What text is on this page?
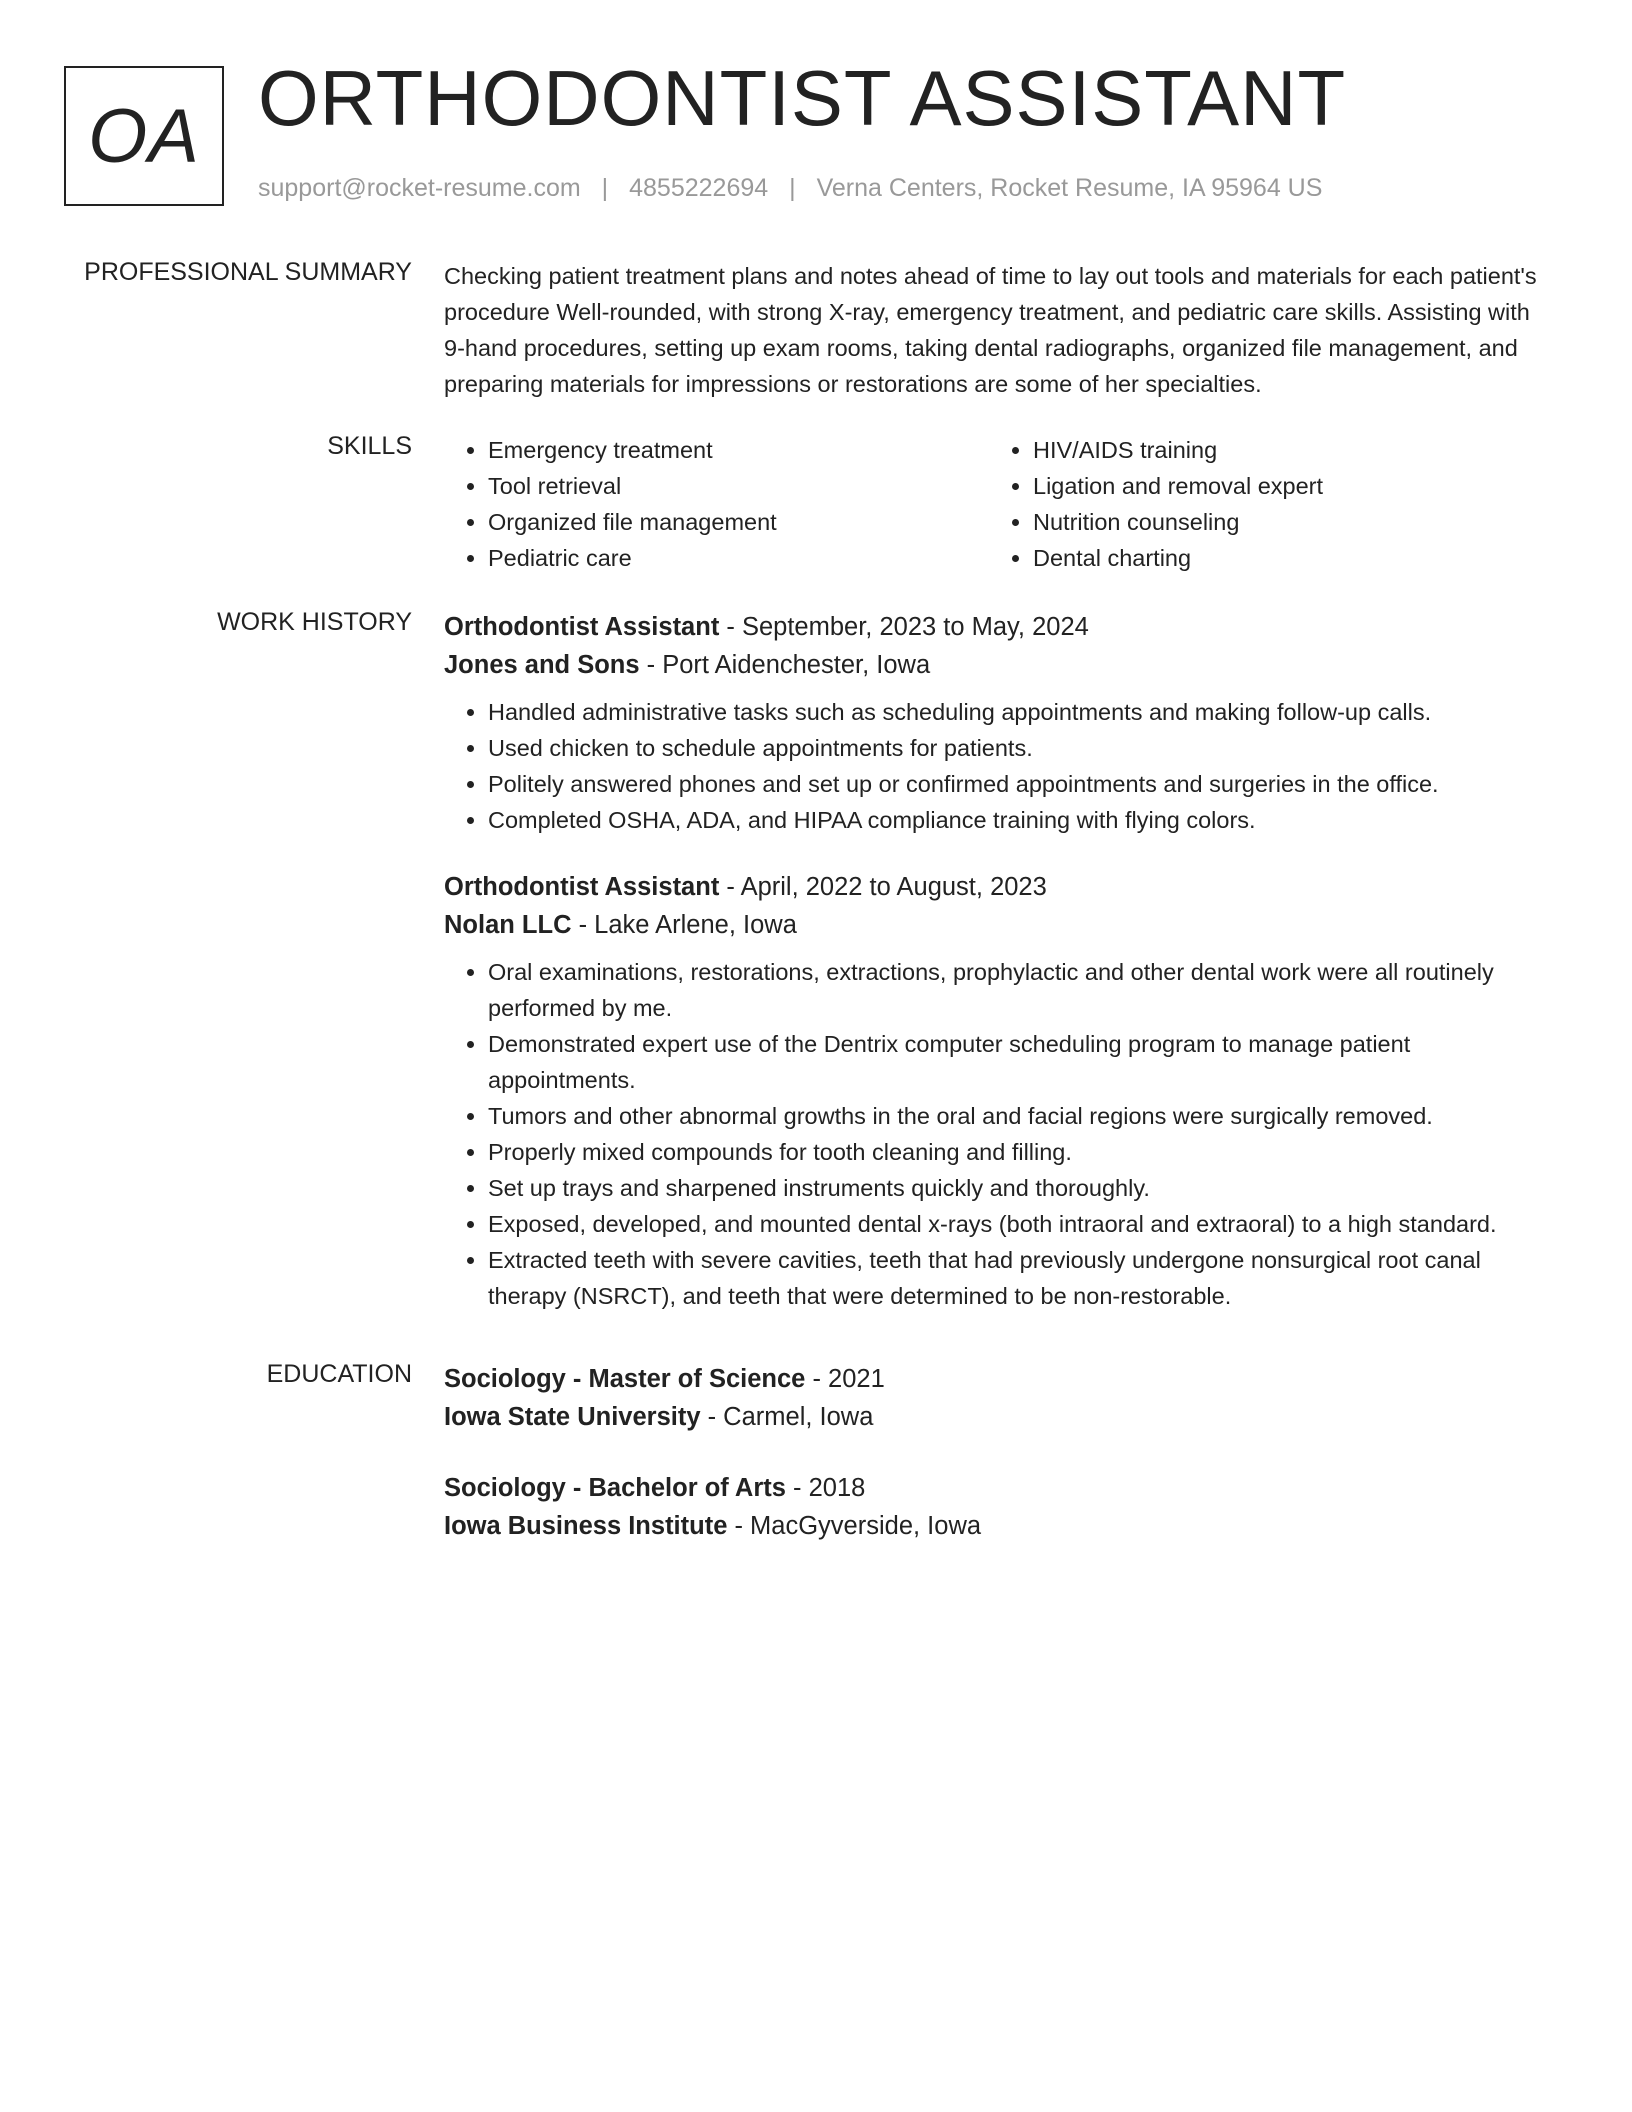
OA ORTHODONTIST ASSISTANT
support@rocket-resume.com | 4855222694 | Verna Centers, Rocket Resume, IA 95964 US
PROFESSIONAL SUMMARY Checking patient treatment plans and notes ahead of time to lay out tools and materials for each patient's procedure Well-rounded, with strong X-ray, emergency treatment, and pediatric care skills. Assisting with 9-hand procedures, setting up exam rooms, taking dental radiographs, organized file management, and preparing materials for impressions or restorations are some of her specialties.

SKILLS
•	Emergency treatment
• Tool retrieval
• Organized file management
• Pediatric care
• HIV/AIDS training
• Ligation and removal expert
• Nutrition counseling
• Dental charting
WORK HISTORY Orthodontist Assistant - September, 2023 to May, 2024
Jones and Sons - Port Aidenchester, Iowa
• Handled administrative tasks such as scheduling appointments and making follow-up calls.
• Used chicken to schedule appointments for patients.
• Politely answered phones and set up or confirmed appointments and surgeries in the office.
• Completed OSHA, ADA, and HIPAA compliance training with flying colors.
Orthodontist Assistant - April, 2022 to August, 2023
Nolan LLC - Lake Arlene, Iowa
• Oral examinations, restorations, extractions, prophylactic and other dental work were all routinely performed by me.
• Demonstrated expert use of the Dentrix computer scheduling program to manage patient appointments.
• Tumors and other abnormal growths in the oral and facial regions were surgically removed.
• Properly mixed compounds for tooth cleaning and filling.
• Set up trays and sharpened instruments quickly and thoroughly.
• Exposed, developed, and mounted dental x-rays (both intraoral and extraoral) to a high standard.
• Extracted teeth with severe cavities, teeth that had previously undergone nonsurgical root canal therapy (NSRCT), and teeth that were determined to be non-restorable.
EDUCATION Sociology - Master of Science - 2021
Iowa State University - Carmel, Iowa
Sociology - Bachelor of Arts - 2018
Iowa Business Institute - MacGyverside, Iowa
